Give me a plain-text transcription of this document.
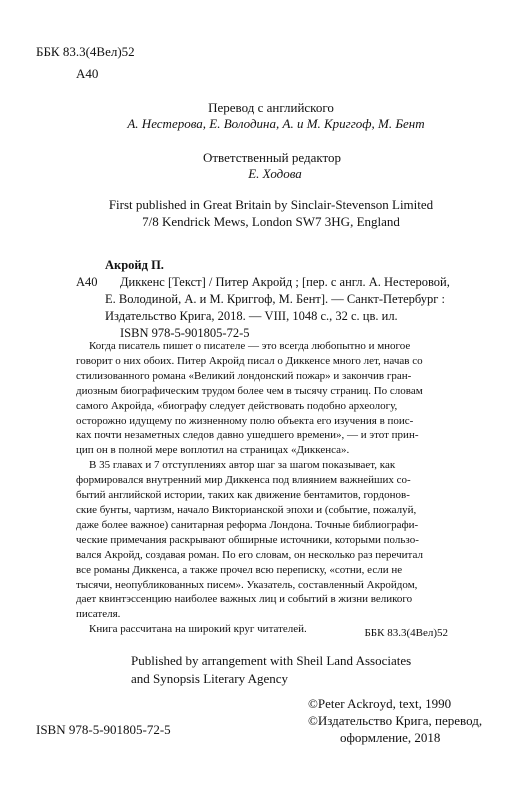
ББК 83.3(4Вел)52
А40
Перевод с английского
А. Нестерова, Е. Володина, А. и М. Криггоф, М. Бент
Ответственный редактор
Е. Ходова
First published in Great Britain by Sinclair-Stevenson Limited
7/8 Kendrick Mews, London SW7 3HG, England
Акройд П.
А40 Диккенс [Текст] / Питер Акройд ; [пер. с англ. А. Нестеровой,
Е. Володиной, А. и М. Криггоф, М. Бент]. — Санкт-Петербург :
Издательство Крига, 2018. — VIII, 1048 с., 32 с. цв. ил.
ISBN 978-5-901805-72-5
Когда писатель пишет о писателе — это всегда любопытно и многое
говорит о них обоих. Питер Акройд писал о Диккенсе много лет, начав со
стилизованного романа «Великий лондонский пожар» и закончив гран-
диозным биографическим трудом более чем в тысячу страниц. По словам
самого Акройда, «биографу следует действовать подобно археологу,
осторожно идущему по жизненному полю объекта его изучения в поис-
ках почти незаметных следов давно ушедшего времени», — и этот прин-
цип он в полной мере воплотил на страницах «Диккенса».
В 35 главах и 7 отступлениях автор шаг за шагом показывает, как
формировался внутренний мир Диккенса под влиянием важнейших со-
бытий английской истории, таких как движение бентамитов, гордонов-
ские бунты, чартизм, начало Викторианской эпохи и (событие, пожалуй,
даже более важное) санитарная реформа Лондона. Точные библиографи-
ческие примечания раскрывают обширные источники, которыми пользо-
вался Акройд, создавая роман. По его словам, он несколько раз перечитал
все романы Диккенса, а также прочел всю переписку, «сотни, если не
тысячи, неопубликованных писем». Указатель, составленный Акройдом,
дает квинтэссенцию наиболее важных лиц и событий в жизни великого
писателя.
Книга рассчитана на широкий круг читателей.	ББК 83.3(4Вел)52
Published by arrangement with Sheil Land Associates
and Synopsis Literary Agency
©Peter Ackroyd, text, 1990
©Издательство Крига, перевод,
оформление, 2018
ISBN 978-5-901805-72-5
